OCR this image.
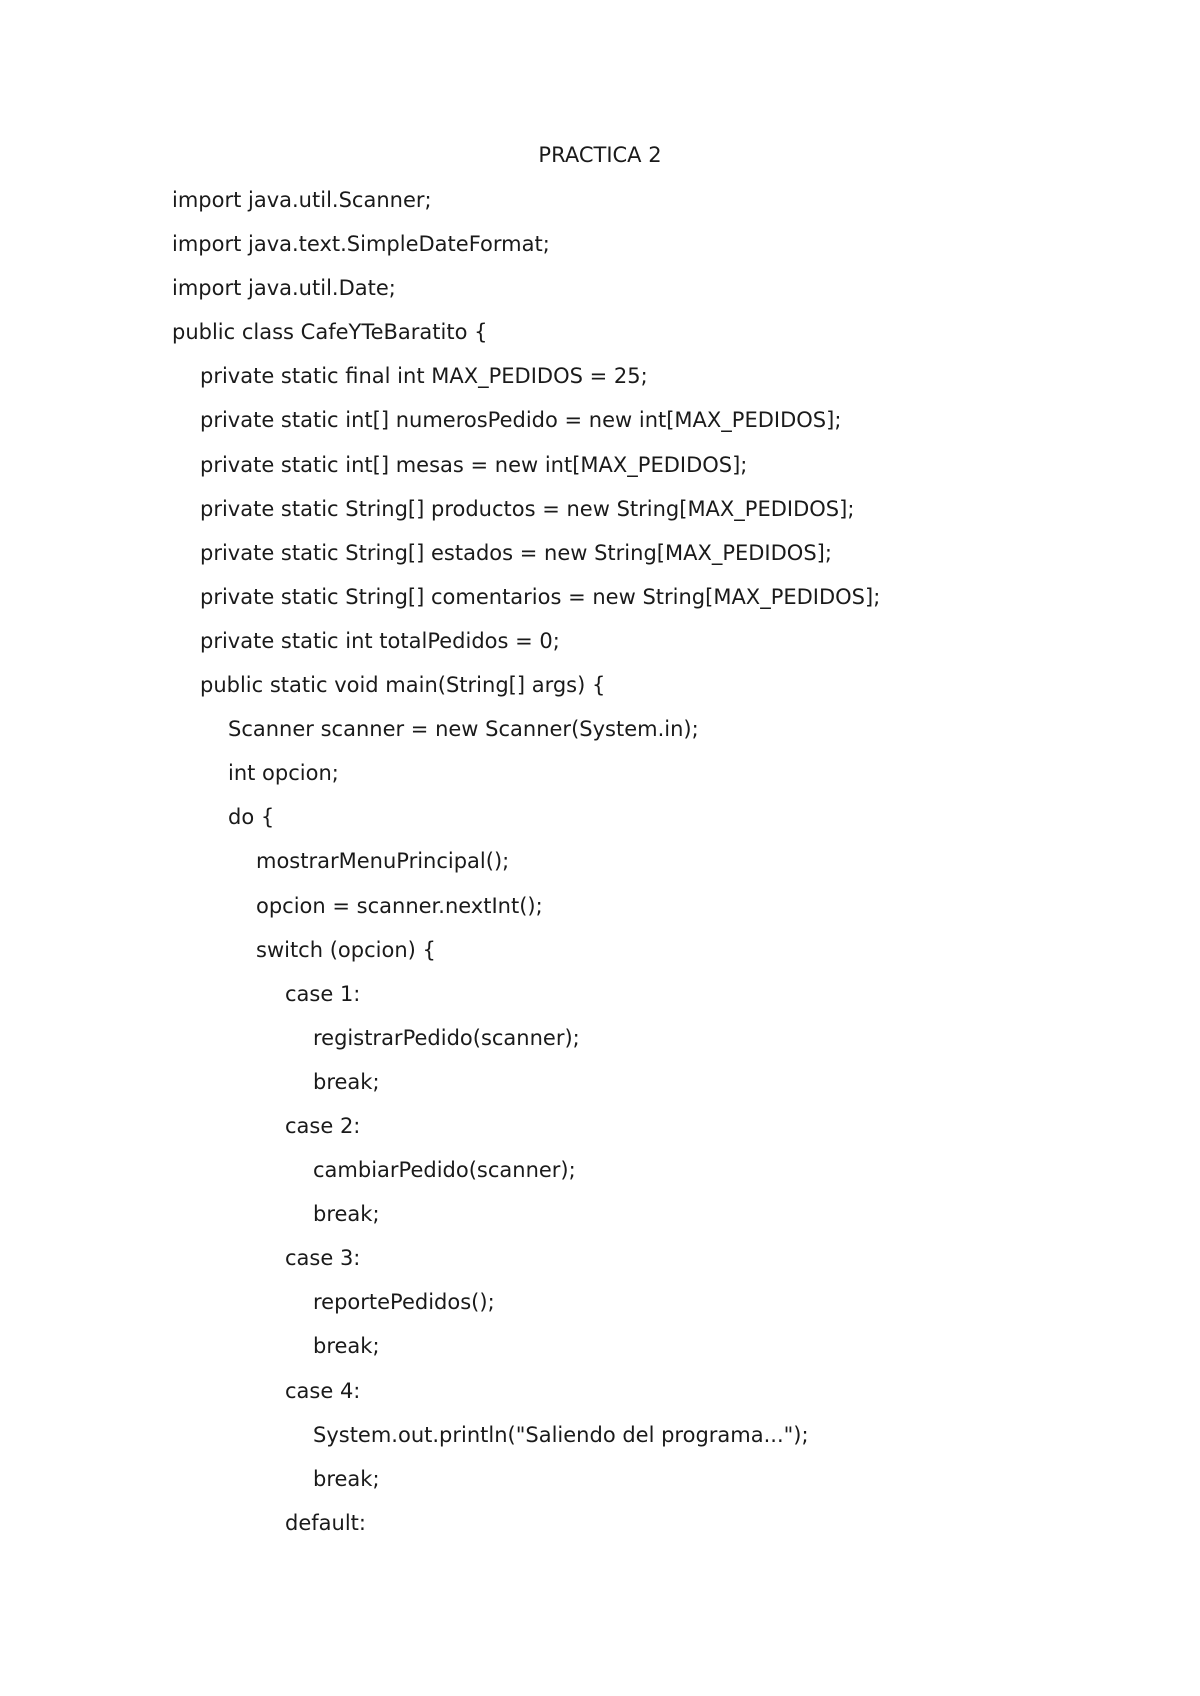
PRACTICA 2

import java.util.Scanner;

import java.text.SimpleDateFormat;

import java.util.Date;

public class CafeYTeBaratito {

private static final int MAX_PEDIDOS = 25;

private static int[] numerosPedido = new int[MAX_PEDIDOS];

private static int[] mesas = new int[MAX_PEDIDOS];

private static String[] productos = new String[MAX_PEDIDOS];

private static String[] estados = new String[MAX_PEDIDOS];

private static String[] comentarios = new String[MAX_PEDIDOS];

private static int totalPedidos = 0;

public static void main(String[] args) {

Scanner scanner = new Scanner(System.in);

int opcion;

do {

mostrarMenuPrincipal();

opcion = scanner.nextInt();

switch (opcion) {

case 1:

registrarPedido(scanner);

break;

case 2:

cambiarPedido(scanner);

break;

case 3:

reportePedidos();

break;

case 4:

System.out.println("Saliendo del programa...");

break;

default:
